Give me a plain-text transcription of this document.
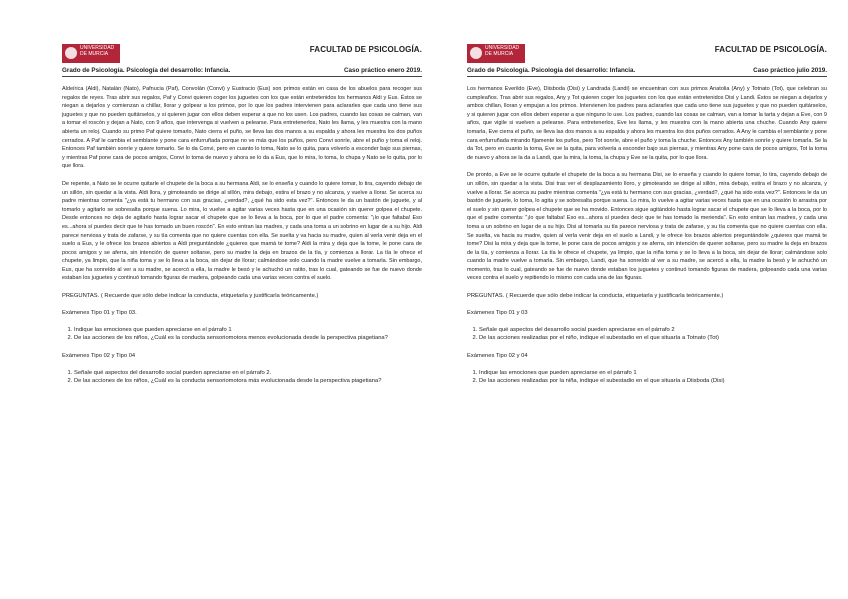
UNIVERSIDAD DE MURCIA	FACULTAD DE PSICOLOGÍA.
Grado de Psicología. Psicología del desarrollo: Infancia.	Caso práctico enero 2019.

Aldeírica (Aldi), Natalán (Nato), Pafnucia (Paf), Convolán (Convi) y Eustracio (Eus) son primos están en casa de los abuelos para recoger sus regalos de reyes. Tras abrir sus regalos, Paf y Convi quieren coger los juguetes con los que están entretenidos los hermanos Aldi y Eus. Éstos se niegan a dejarlos y comienzan a chillar, llorar y golpear a los primos, por lo que los padres intervienen para aclararles que cada uno tiene sus juguetes y que no pueden quitárselos, y si quieren jugar con ellos deben esperar a que no los usen. Los padres, cuando las cosas se calman, van a tomar el roscón y dejan a Nato, con 9 años, que intervenga si vuelven a pelearse. Para entretenerlos, Nato les llama, y les muestra con la mano abierta un reloj. Cuando su primo Paf quiere tomarlo, Nato cierra el puño, se lleva las dos manos a su espalda y ahora les muestra los dos puños cerrados. A Paf le cambia el semblante y pone cara enfurruñada porque no ve más que los puños, pero Convi sonríe, abre el puño y toma el reloj. Entonces Paf también sonríe y quiere tomarlo. Se lo da Convi, pero en cuanto lo toma, Nato se lo quita, para volverlo a esconder bajo sus piernas, y mientras Paf pone cara de pocos amigos, Convi lo toma de nuevo y ahora se lo da a Eus, que lo mira, lo toma, lo chupa y Nato se lo quita, por lo que llora.

De repente, a Nato se le ocurre quitarle el chupete de la boca a su hermana Aldi, se lo enseña y cuando lo quiere tomar, lo tira, cayendo debajo de un sillón, sin quedar a la vista. Aldi llora, y gimoteando se dirige al sillón, mira debajo, estira el brazo y no alcanza, y vuelve a llorar. Se acerca su padre mientras comenta "¿ya está tu hermano con sus gracias, ¿verdad?, ¿qué ha sido esta vez?". Entonces le da un bastón de juguete, y al tomarlo y agitarlo se sobresalta porque suena. Lo mira, lo vuelve a agitar varias veces hasta que en una ocasión sin querer golpea el chupete. Desde entonces no deja de agitarlo hasta lograr sacar el chupete que se lo lleva a la boca, por lo que el padre comenta: "¡lo que faltaba! Eso es...ahora sí puedes decir que te has tomado un buen roscón". En esto entran las madres, y cada una toma a un sobrino en lugar de a su hijo. Aldi parece nerviosa y trata de zafarse, y su tía comenta que no quiere cuentas con ella. Se suelta y va hacia su madre, quien al verla venir deja en el suelo a Eus, y le ofrece los brazos abiertos a Aldi preguntándole ¿quieres que mamá te tome? Aldi la mira y deja que la tome, le pone cara de pocos amigos y se aferra, sin intención de querer soltarse, pero su madre la deja en brazos de la tía, y comienza a llorar. La tía le ofrece el chupete, ya limpio, que la niña toma y se lo lleva a la boca, sin dejar de llorar; calmándose solo cuando la madre vuelve a tomarla. Sin embargo, Eus, que ha sonreído al ver a su madre, se acercó a ella, la madre le besó y le achuchó un ratito, tras lo cual, gateando se fue de nuevo donde estaban los juguetes y continuó tomando figuras de madera, golpeando cada una varias veces contra el suelo.

PREGUNTAS. ( Recuerde que sólo debe indicar la conducta, etiquetarla y justificarla teóricamente.)
Exámenes Tipo 01 y Tipo 03.
1. Indique las emociones que pueden apreciarse en el párrafo 1
2. De las acciones de los niños, ¿Cuál es la conducta sensoriomotora menos evolucionada desde la perspectiva piagetiana?
Exámenes Tipo 02 y Tipo 04
1. Señale qué aspectos del desarrollo social pueden apreciarse en el párrafo 2.
2. De las acciones de los niños, ¿Cuál es la conducta sensoriomotora más evolucionada desde la perspectiva piagetiana?
UNIVERSIDAD DE MURCIA	FACULTAD DE PSICOLOGÍA.
Grado de Psicología. Psicología del desarrollo: Infancia.	Caso práctico julio 2019.

Los hermanos Everildo (Eve), Diisboda (Disi) y Landrada (Landi) se encuentran con sus primos Anatolia (Any) y Totnato (Tot), que celebran su cumpleaños. Tras abrir sus regalos, Any y Tot quieren coger los juguetes con los que están entretenidos Disi y Landi. Éstos se niegan a dejarlos y ambos chillan, lloran y empujan a los primos. Intervienen los padres para aclararles que cada uno tiene sus juguetes y que no pueden quitárselos, y si quieren jugar con ellos deben esperar a que ninguno lo use. Los padres, cuando las cosas se calman, van a tomar la tarta y dejan a Eve, con 9 años, que vigile si vuelven a pelearse. Para entretenerlos, Eve les llama, y les muestra con la mano abierta una chuche. Cuando Any quiere tomarla, Eve cierra el puño, se lleva las dos manos a su espalda y ahora les muestra los dos puños cerrados. A Any le cambia el semblante y pone cara enfurruñada mirando fijamente los puños, pero Tot sonríe, abre el puño y toma la chuche. Entonces Any también sonríe y quiere tomarla. Se la da Tot, pero en cuanto la toma, Eve se la quita, para volverla a esconder bajo sus piernas, y mientras Any pone cara de pocos amigos, Tot la toma de nuevo y ahora se la da a Landi, que la mira, la toma, la chupa y Eve se la quita, por lo que llora.

De pronto, a Eve se le ocurre quitarle el chupete de la boca a su hermana Disi, se lo enseña y cuando lo quiere tomar, lo tira, cayendo debajo de un sillón, sin quedar a la vista. Disi tras ver el desplazamiento lloro, y gimoteando se dirige al sillón, mira debajo, estira el brazo y no alcanza, y vuelve a llorar. Se acerca su padre mientras comenta "¿ya está tu hermano con sus gracias, ¿verdad?, ¿qué ha sido esta vez?". Entonces le da un bastón de juguete, lo toma, lo agita y se sobresalta porque suena. Lo mira, lo vuelve a agitar varias veces hasta que en una ocasión lo arrastra por el suelo y sin querer golpea el chupete que se ha movido. Entonces sigue agitándolo hasta lograr sacar el chupete que se lo lleva a la boca, por lo que el padre comenta: "¡lo que faltaba! Eso es...ahora sí puedes decir que te has tomado la merienda". En esto entran las madres, y cada una toma a un sobrino en lugar de a su hijo. Disi al tomarla su tía parece nerviosa y trata de zafarse, y su tía comenta que no quiere cuentas con ella. Se suelta, va hacia su madre, quien al verla venir deja en el suelo a Landi, y le ofrece los brazos abiertos preguntándole ¿quieres que mamá te tome? Disi la mira y deja que la tome, le pone cara de pocos amigos y se aferra, sin intención de querer soltarse, pero su madre la deja en brazos de la tía, y comienza a llorar. La tía le ofrece el chupete, ya limpio, que la niña toma y se lo lleva a la boca, sin dejar de llorar; calmándose solo cuando la madre vuelve a tomarla. Sin embargo, Landi, que ha sonreído al ver a su madre, se acercó a ella, la madre la besó y le achuchó un momento, tras lo cual, gateando se fue de nuevo donde estaban los juguetes y continuó tomando figuras de madera, golpeando cada una varias veces contra el suelo y repitiendo lo mismo con cada una de las figuras.

PREGUNTAS. ( Recuerde que sólo debe indicar la conducta, etiquetarla y justificarla teóricamente.)
Exámenes Tipo 01 y 03
1. Señale qué aspectos del desarrollo social pueden apreciarse en el párrafo 2
2. De las acciones realizadas por el niño, indique el subestadio en el que situaría a Totnato (Tot)
Exámenes Tipo 02 y 04
1. Indique las emociones que pueden apreciarse en el párrafo 1
2. De las acciones realizadas por la niña, indique el subestadio en el que situaría a Diisboda (Disi)
